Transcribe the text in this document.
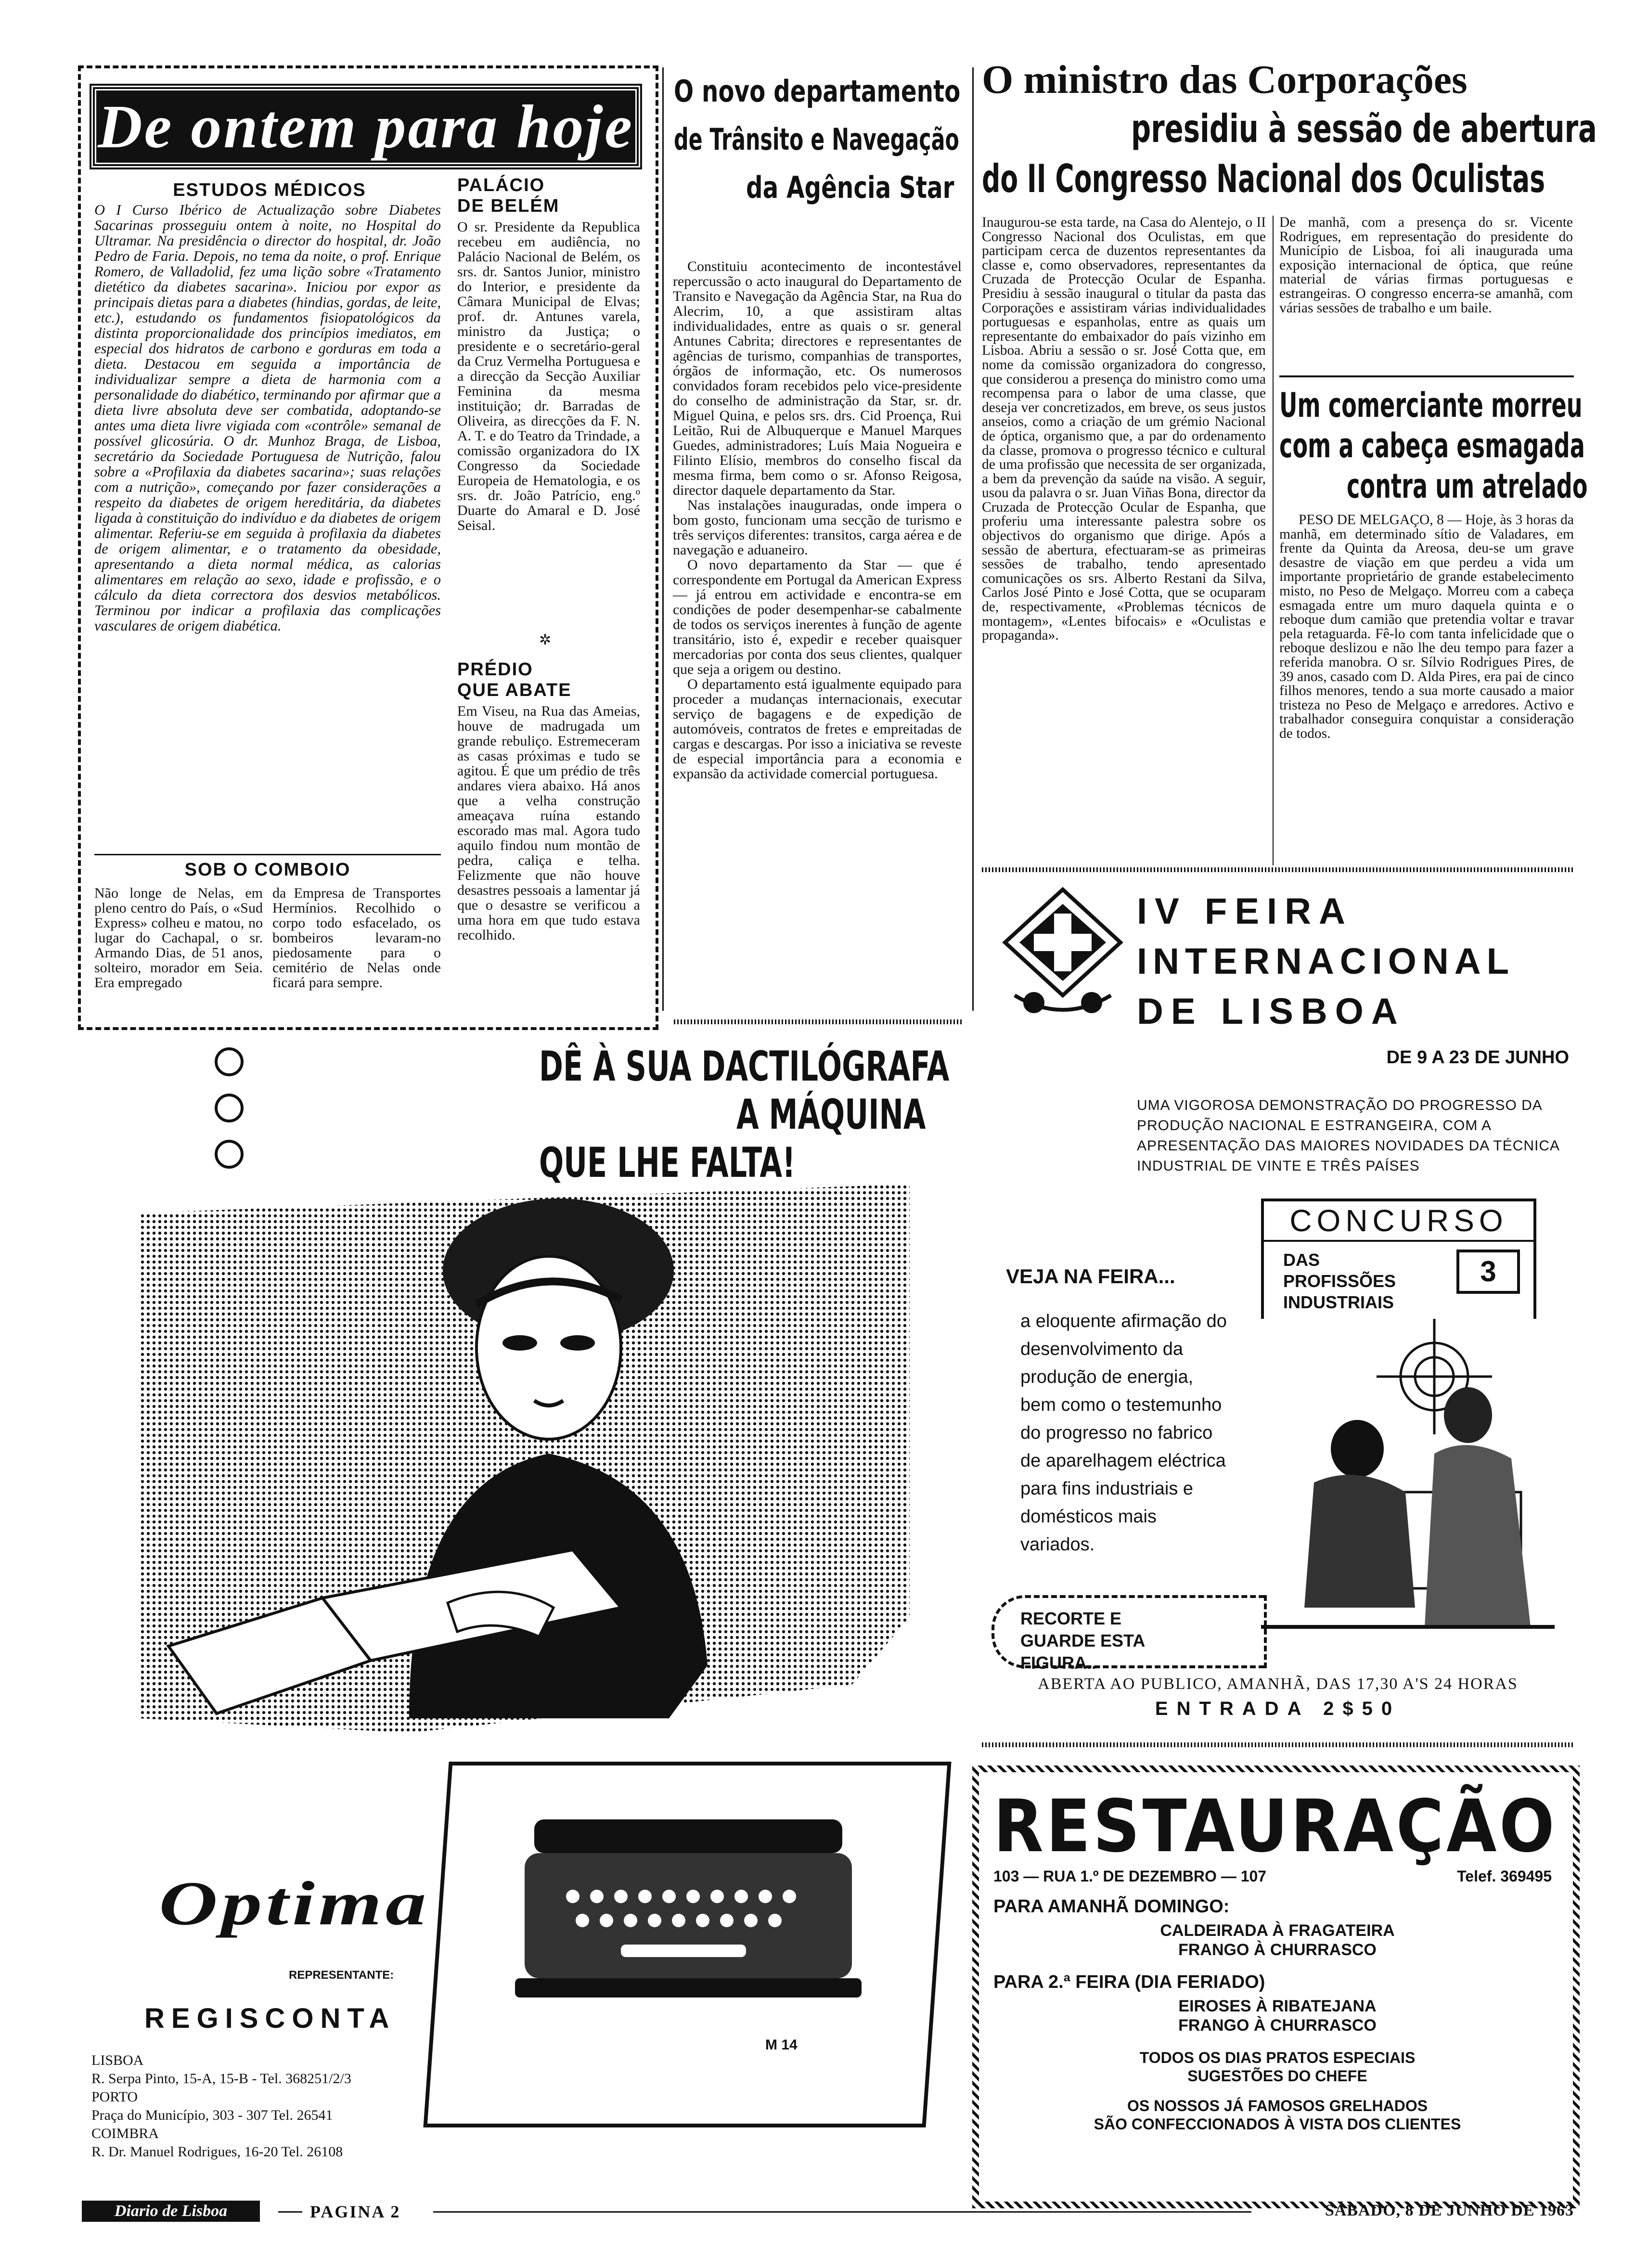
De ontem para hoje
ESTUDOS MÉDICOS
O I Curso Ibérico de Actualização sobre Diabetes Sacarinas prosseguiu ontem à noite, no Hospital do Ultramar. Na presidência o director do hospital, dr. João Pedro de Faria. Depois, no tema da noite, o prof. Enrique Romero, de Valladolid, fez uma lição sobre «Tratamento dietético da diabetes sacarina». Iniciou por expor as principais dietas para a diabetes (hindias, gordas, de leite, etc.), estudando os fundamentos fisiopatológicos da distinta proporcionalidade dos princípios imediatos, em especial dos hidratos de carbono e gorduras em toda a dieta. Destacou em seguida a importância de individualizar sempre a dieta de harmonia com a personalidade do diabético, terminando por afirmar que a dieta livre absoluta deve ser combatida, adoptando-se antes uma dieta livre vigiada com «contrôle» semanal de possível glicosúria. O dr. Munhoz Braga, de Lisboa, secretário da Sociedade Portuguesa de Nutrição, falou sobre a «Profilaxia da diabetes sacarina»; suas relações com a nutrição», começando por fazer considerações a respeito da diabetes de origem hereditária, da diabetes ligada à constituição do indivíduo e da diabetes de origem alimentar. Referiu-se em seguida à profilaxia da diabetes de origem alimentar, e o tratamento da obesidade, apresentando a dieta normal médica, as calorias alimentares em relação ao sexo, idade e profissão, e o cálculo da dieta correctora dos desvios metabólicos. Terminou por indicar a profilaxia das complicações vasculares de origem diabética.
PALÁCIO
DE BELÉM
O sr. Presidente da Republica recebeu em audiência, no Palácio Nacional de Belém, os srs. dr. Santos Junior, ministro do Interior, e presidente da Câmara Municipal de Elvas; prof. dr. Antunes varela, ministro da Justiça; o presidente e o secretário-geral da Cruz Vermelha Portuguesa e a direcção da Secção Auxiliar Feminina da mesma instituição; dr. Barradas de Oliveira, as direcções da F. N. A. T. e do Teatro da Trindade, a comissão organizadora do IX Congresso da Sociedade Europeia de Hematologia, e os srs. dr. João Patrício, eng.º Duarte do Amaral e D. José Seisal.
✲
PRÉDIO
QUE ABATE
Em Viseu, na Rua das Ameias, houve de madrugada um grande rebuliço. Estremeceram as casas próximas e tudo se agitou. É que um prédio de três andares viera abaixo. Há anos que a velha construção ameaçava ruína estando escorado mas mal. Agora tudo aquilo findou num montão de pedra, caliça e telha. Felizmente que não houve desastres pessoais a lamentar já que o desastre se verificou a uma hora em que tudo estava recolhido.
SOB O COMBOIO
Não longe de Nelas, em pleno centro do País, o «Sud Express» colheu e matou, no lugar do Cachapal, o sr. Armando Dias, de 51 anos, solteiro, morador em Seia. Era empregado
da Empresa de Transportes Hermínios. Recolhido o corpo todo esfacelado, os bombeiros levaram-no piedosamente para o cemitério de Nelas onde ficará para sempre.
O novo departamento
de Trânsito e Navegação
da Agência Star

Constituiu acontecimento de incontestável repercussão o acto inaugural do Departamento de Transito e Navegação da Agência Star, na Rua do Alecrim, 10, a que assistiram altas individualidades, entre as quais o sr. general Antunes Cabrita; directores e representantes de agências de turismo, companhias de transportes, órgãos de informação, etc. Os numerosos convidados foram recebidos pelo vice-presidente do conselho de administração da Star, sr. dr. Miguel Quina, e pelos srs. drs. Cid Proença, Rui Leitão, Rui de Albuquerque e Manuel Marques Guedes, administradores; Luís Maia Nogueira e Filinto Elísio, membros do conselho fiscal da mesma firma, bem como o sr. Afonso Reigosa, director daquele departamento da Star.

Nas instalações inauguradas, onde impera o bom gosto, funcionam uma secção de turismo e três serviços diferentes: transitos, carga aérea e de navegação e aduaneiro.

O novo departamento da Star — que é correspondente em Portugal da American Express — já entrou em actividade e encontra-se em condições de poder desempenhar-se cabalmente de todos os serviços inerentes à função de agente transitário, isto é, expedir e receber quaisquer mercadorias por conta dos seus clientes, qualquer que seja a origem ou destino.

O departamento está igualmente equipado para proceder a mudanças internacionais, executar serviço de bagagens e de expedição de automóveis, contratos de fretes e empreitadas de cargas e descargas. Por isso a iniciativa se reveste de especial importância para a economia e expansão da actividade comercial portuguesa.

O ministro das Corporações
presidiu à sessão de abertura
do II Congresso Nacional dos Oculistas
Inaugurou-se esta tarde, na Casa do Alentejo, o II Congresso Nacional dos Oculistas, em que participam cerca de duzentos representantes da classe e, como observadores, representantes da Cruzada de Protecção Ocular de Espanha. Presidiu à sessão inaugural o titular da pasta das Corporações e assistiram várias individualidades portuguesas e espanholas, entre as quais um representante do embaixador do país vizinho em Lisboa. Abriu a sessão o sr. José Cotta que, em nome da comissão organizadora do congresso, que considerou a presença do ministro como uma recompensa para o labor de uma classe, que deseja ver concretizados, em breve, os seus justos anseios, como a criação de um grémio Nacional de óptica, organismo que, a par do ordenamento da classe, promova o progresso técnico e cultural de uma profissão que necessita de ser organizada, a bem da prevenção da saúde na visão. A seguir, usou da palavra o sr. Juan Viñas Bona, director da Cruzada de Protecção Ocular de Espanha, que proferiu uma interessante palestra sobre os objectivos do organismo que dirige. Após a sessão de abertura, efectuaram-se as primeiras sessões de trabalho, tendo apresentado comunicações os srs. Alberto Restani da Silva, Carlos José Pinto e José Cotta, que se ocuparam de, respectivamente, «Problemas técnicos de montagem», «Lentes bifocais» e «Oculistas e propaganda».
De manhã, com a presença do sr. Vicente Rodrigues, em representação do presidente do Município de Lisboa, foi ali inaugurada uma exposição internacional de óptica, que reúne material de várias firmas portuguesas e estrangeiras. O congresso encerra-se amanhã, com várias sessões de trabalho e um baile.
Um comerciante morreu
com a cabeça esmagada
contra um atrelado
PESO DE MELGAÇO, 8 — Hoje, às 3 horas da manhã, em determinado sítio de Valadares, em frente da Quinta da Areosa, deu-se um grave desastre de viação em que perdeu a vida um importante proprietário de grande estabelecimento misto, no Peso de Melgaço. Morreu com a cabeça esmagada entre um muro daquela quinta e o reboque dum camião que pretendia voltar e travar pela retaguarda. Fê-lo com tanta infelicidade que o reboque deslizou e não lhe deu tempo para fazer a referida manobra. O sr. Sílvio Rodrigues Pires, de 39 anos, casado com D. Alda Pires, era pai de cinco filhos menores, tendo a sua morte causado a maior tristeza no Peso de Melgaço e arredores. Activo e trabalhador conseguira conquistar a consideração de todos.
IV FEIRA
INTERNACIONAL
DE LISBOA
DE 9 A 23 DE JUNHO
UMA VIGOROSA DEMONSTRAÇÃO DO PROGRESSO DA PRODUÇÃO NACIONAL E ESTRANGEIRA, COM A APRESENTAÇÃO DAS MAIORES NOVIDADES DA TÉCNICA INDUSTRIAL DE VINTE E TRÊS PAÍSES
CONCURSO
DAS PROFISSÕES INDUSTRIAIS
3
VEJA NA FEIRA...
a eloquente afirmação do desenvolvimento da produção de energia, bem como o testemunho do progresso no fabrico de aparelhagem eléctrica para fins industriais e domésticos mais variados.
RECORTE E GUARDE ESTA FIGURA..
ABERTA AO PUBLICO, AMANHÃ, DAS 17,30 A'S 24 HORAS
ENTRADA 2$50
RESTAURAÇÃO
103 — RUA 1.º DE DEZEMBRO — 107	Telef. 369495
PARA AMANHÃ DOMINGO:
CALDEIRADA À FRAGATEIRA
FRANGO À CHURRASCO
PARA 2.ª FEIRA (DIA FERIADO)
EIROSES À RIBATEJANA
FRANGO À CHURRASCO
TODOS OS DIAS PRATOS ESPECIAIS
SUGESTÕES DO CHEFE
OS NOSSOS JÁ FAMOSOS GRELHADOS
SÃO CONFECCIONADOS À VISTA DOS CLIENTES
DÊ À SUA DACTILÓGRAFA
A MÁQUINA
QUE LHE FALTA!
M 14
Optima
REPRESENTANTE:
REGISCONTA
LISBOA
R. Serpa Pinto, 15-A, 15-B - Tel. 368251/2/3
PORTO
Praça do Município, 303 - 307 Tel. 26541
COIMBRA
R. Dr. Manuel Rodrigues, 16-20 Tel. 26108
Diario de Lisboa	PAGINA 2	SÁBADO, 8 DE JUNHO DE 1963
